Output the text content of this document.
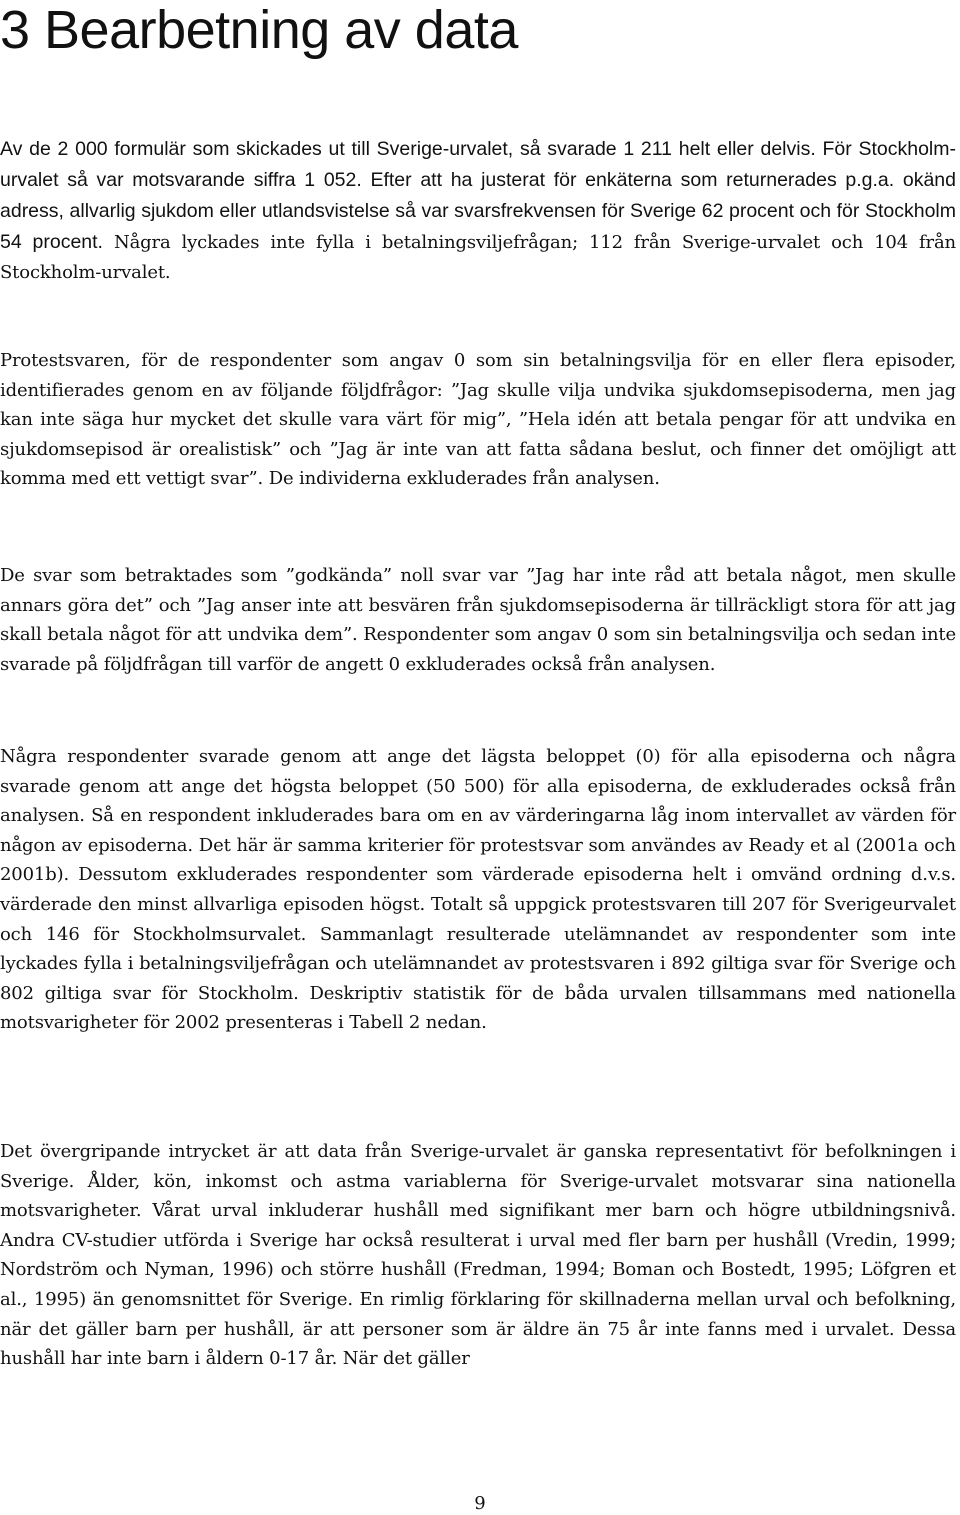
3 Bearbetning av data

Av de 2 000 formulär som skickades ut till Sverige-urvalet, så svarade 1 211 helt eller delvis. För Stockholm-urvalet så var motsvarande siffra 1 052. Efter att ha justerat för enkäterna som returnerades p.g.a. okänd adress, allvarlig sjukdom eller utlandsvistelse så var svarsfrekvensen för Sverige 62 procent och för Stockholm 54 procent. Några lyckades inte fylla i betalningsviljefrågan; 112 från Sverige-urvalet och 104 från Stockholm-urvalet.

Protestsvaren, för de respondenter som angav 0 som sin betalningsvilja för en eller flera episoder, identifierades genom en av följande följdfrågor: ”Jag skulle vilja undvika sjukdomsepisoderna, men jag kan inte säga hur mycket det skulle vara värt för mig”, ”Hela idén att betala pengar för att undvika en sjukdomsepisod är orealistisk” och ”Jag är inte van att fatta sådana beslut, och finner det omöjligt att komma med ett vettigt svar”. De individerna exkluderades från analysen.

De svar som betraktades som ”godkända” noll svar var ”Jag har inte råd att betala något, men skulle annars göra det” och ”Jag anser inte att besvären från sjukdomsepisoderna är tillräckligt stora för att jag skall betala något för att undvika dem”. Respondenter som angav 0 som sin betalningsvilja och sedan inte svarade på följdfrågan till varför de angett 0 exkluderades också från analysen.

Några respondenter svarade genom att ange det lägsta beloppet (0) för alla episoderna och några svarade genom att ange det högsta beloppet (50 500) för alla episoderna, de exkluderades också från analysen. Så en respondent inkluderades bara om en av värderingarna låg inom intervallet av värden för någon av episoderna. Det här är samma kriterier för protestsvar som användes av Ready et al (2001a och 2001b). Dessutom exkluderades respondenter som värderade episoderna helt i omvänd ordning d.v.s. värderade den minst allvarliga episoden högst. Totalt så uppgick protestsvaren till 207 för Sverigeurvalet och 146 för Stockholmsurvalet. Sammanlagt resulterade utelämnandet av respondenter som inte lyckades fylla i betalningsviljefrågan och utelämnandet av protestsvaren i 892 giltiga svar för Sverige och 802 giltiga svar för Stockholm. Deskriptiv statistik för de båda urvalen tillsammans med nationella motsvarigheter för 2002 presenteras i Tabell 2 nedan.

Det övergripande intrycket är att data från Sverige-urvalet är ganska representativt för befolkningen i Sverige. Ålder, kön, inkomst och astma variablerna för Sverige-urvalet motsvarar sina nationella motsvarigheter. Vårat urval inkluderar hushåll med signifikant mer barn och högre utbildningsnivå. Andra CV-studier utförda i Sverige har också resulterat i urval med fler barn per hushåll (Vredin, 1999; Nordström och Nyman, 1996) och större hushåll (Fredman, 1994; Boman och Bostedt, 1995; Löfgren et al., 1995) än genomsnittet för Sverige. En rimlig förklaring för skillnaderna mellan urval och befolkning, när det gäller barn per hushåll, är att personer som är äldre än 75 år inte fanns med i urvalet. Dessa hushåll har inte barn i åldern 0-17 år. När det gäller

9
